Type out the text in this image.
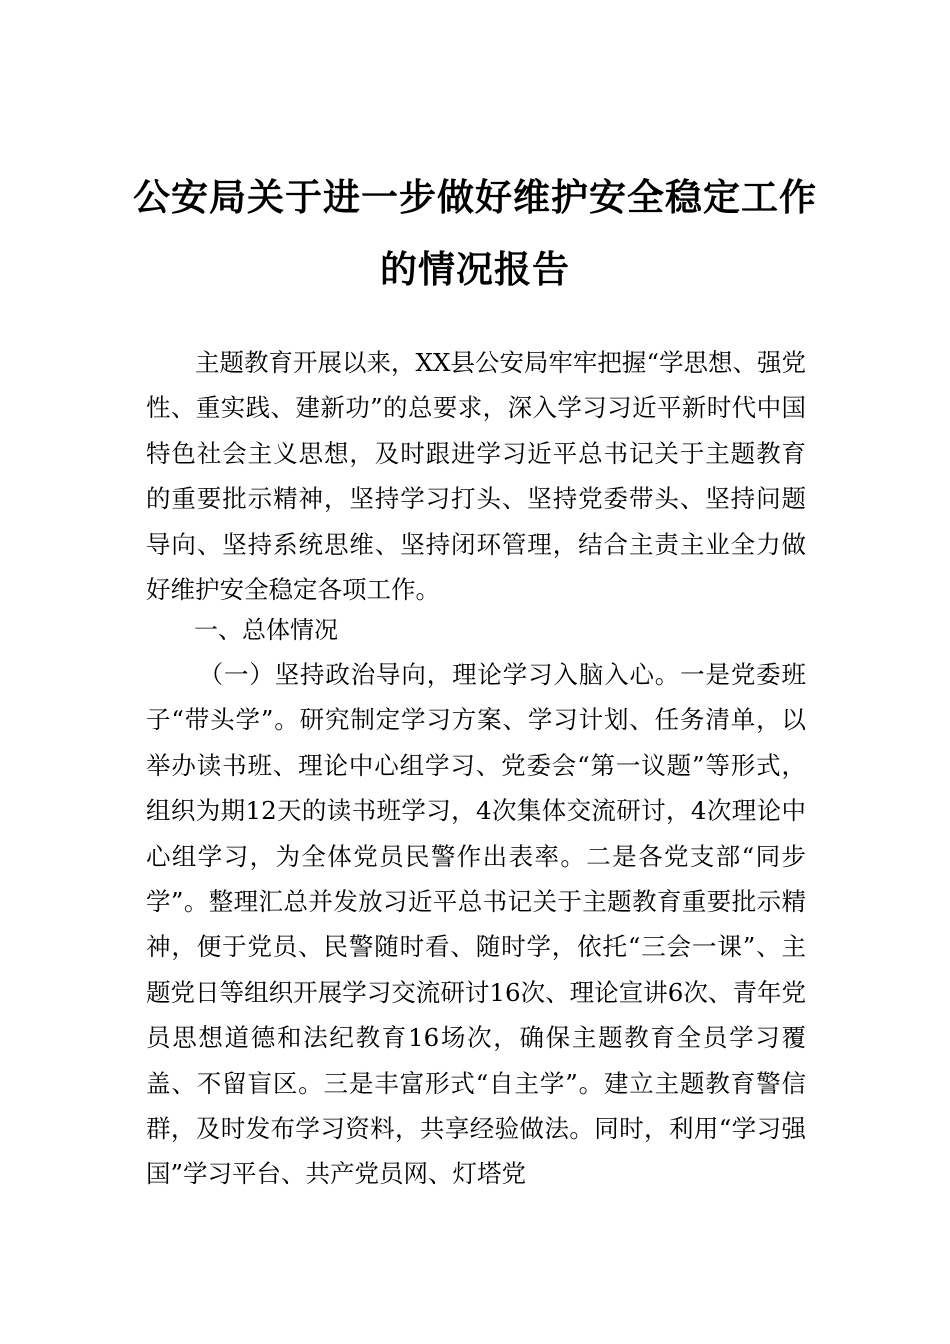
公安局关于进一步做好维护安全稳定工作
的情况报告

主题教育开展以来，XX县公安局牢牢把握“学思想、强党性、重实践、建新功”的总要求，深入学习习近平新时代中国特色社会主义思想，及时跟进学习近平总书记关于主题教育的重要批示精神，坚持学习打头、坚持党委带头、坚持问题导向、坚持系统思维、坚持闭环管理，结合主责主业全力做好维护安全稳定各项工作。

一、总体情况

（一）坚持政治导向，理论学习入脑入心。一是党委班子“带头学”。研究制定学习方案、学习计划、任务清单，以举办读书班、理论中心组学习、党委会“第一议题”等形式，组织为期12天的读书班学习，4次集体交流研讨，4次理论中心组学习，为全体党员民警作出表率。二是各党支部“同步学”。整理汇总并发放习近平总书记关于主题教育重要批示精神，便于党员、民警随时看、随时学，依托“三会一课”、主题党日等组织开展学习交流研讨16次、理论宣讲6次、青年党员思想道德和法纪教育16场次，确保主题教育全员学习覆盖、不留盲区。三是丰富形式“自主学”。建立主题教育警信群，及时发布学习资料，共享经验做法。同时，利用“学习强国”学习平台、共产党员网、灯塔党
